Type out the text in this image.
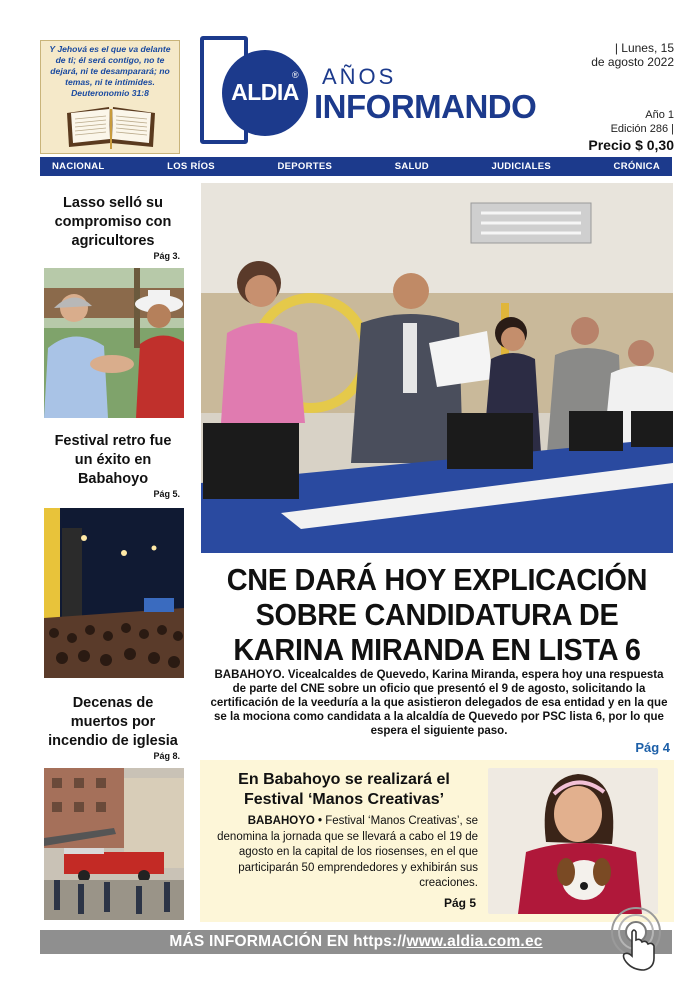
Y Jehová es el que va delante de ti; él será contigo, no te dejará, ni te desamparará; no temas, ni te intimides. Deuteronomio 31:8	ALDIA
® AÑOS
INFORMANDO
| Lunes, 15
de agosto 2022
Año 1
Edición 286 |
Precio $ 0,30
NACIONAL	LOS RÍOS	DEPORTES	SALUD	JUDICIALES	CRÓNICA
Lasso selló su compromiso con agricultores
Pág 3.
Festival retro fue un éxito en Babahoyo
Pág 5.
Decenas de muertos por incendio de iglesia
Pág 8.
CNE DARÁ HOY EXPLICACIÓN SOBRE CANDIDATURA DE KARINA MIRANDA EN LISTA 6
BABAHOYO. Vicealcaldes de Quevedo, Karina Miranda, espera hoy una respuesta de parte del CNE sobre un oficio que presentó el 9 de agosto, solicitando la certificación de la veeduría a la que asistieron delegados de esa entidad y en la que se la mociona como candidata a la alcaldía de Quevedo por PSC lista 6, por lo que espera el siguiente paso.
Pág 4
En Babahoyo se realizará el Festival ‘Manos Creativas’
BABAHOYO • Festival ‘Manos Creativas’, se denomina la jornada que se llevará a cabo el 19 de agosto en la capital de los riosenses, en el que participarán 50 emprendedores y exhibirán sus creaciones.
Pág 5
MÁS INFORMACIÓN EN https://www.aldia.com.ec
